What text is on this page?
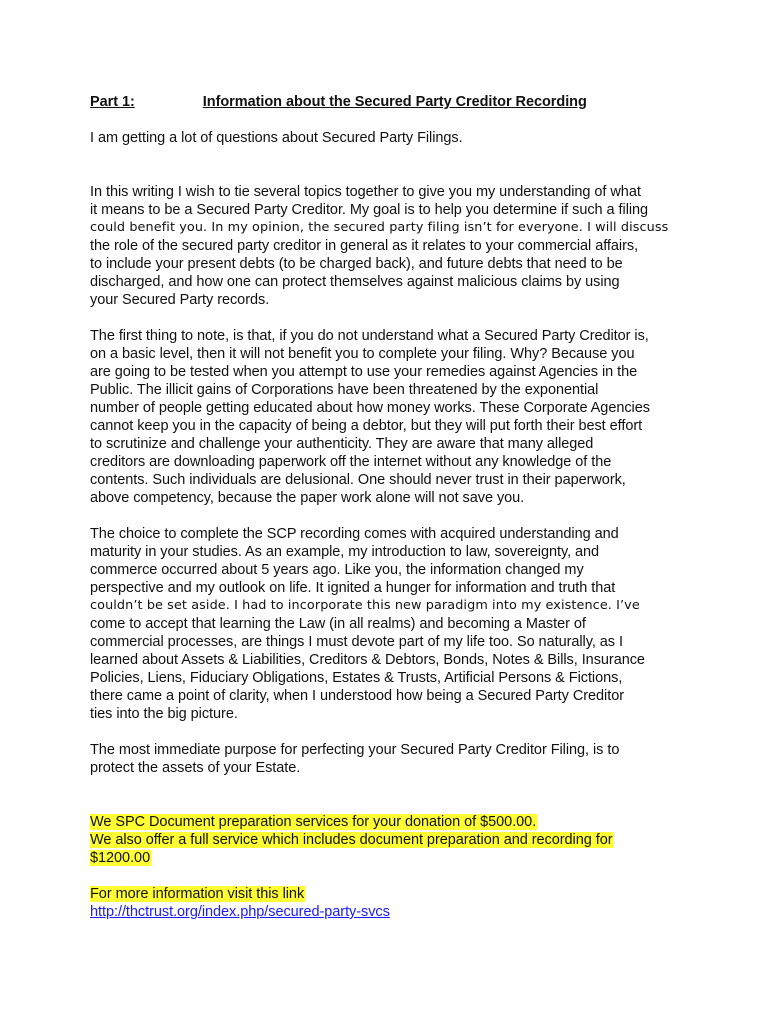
Part 1:	Information about the Secured Party Creditor Recording
I am getting a lot of questions about Secured Party Filings.
In this writing I wish to tie several topics together to give you my understanding of what
it means to be a Secured Party Creditor. My goal is to help you determine if such a filing
could benefit you. In my opinion, the secured party filing isn’t for everyone. I will discuss
the role of the secured party creditor in general as it relates to your commercial affairs,
to include your present debts (to be charged back), and future debts that need to be
discharged, and how one can protect themselves against malicious claims by using
your Secured Party records.
The first thing to note, is that, if you do not understand what a Secured Party Creditor is,
on a basic level, then it will not benefit you to complete your filing. Why? Because you
are going to be tested when you attempt to use your remedies against Agencies in the
Public. The illicit gains of Corporations have been threatened by the exponential
number of people getting educated about how money works. These Corporate Agencies
cannot keep you in the capacity of being a debtor, but they will put forth their best effort
to scrutinize and challenge your authenticity. They are aware that many alleged
creditors are downloading paperwork off the internet without any knowledge of the
contents. Such individuals are delusional. One should never trust in their paperwork,
above competency, because the paper work alone will not save you.
The choice to complete the SCP recording comes with acquired understanding and
maturity in your studies. As an example, my introduction to law, sovereignty, and
commerce occurred about 5 years ago. Like you, the information changed my
perspective and my outlook on life. It ignited a hunger for information and truth that
couldn’t be set aside. I had to incorporate this new paradigm into my existence. I’ve
come to accept that learning the Law (in all realms) and becoming a Master of
commercial processes, are things I must devote part of my life too. So naturally, as I
learned about Assets & Liabilities, Creditors & Debtors, Bonds, Notes & Bills, Insurance
Policies, Liens, Fiduciary Obligations, Estates & Trusts, Artificial Persons & Fictions,
there came a point of clarity, when I understood how being a Secured Party Creditor
ties into the big picture.
The most immediate purpose for perfecting your Secured Party Creditor Filing, is to
protect the assets of your Estate.
We SPC Document preparation services for your donation of $500.00.
We also offer a full service which includes document preparation and recording for
$1200.00
For more information visit this link
http://thctrust.org/index.php/secured-party-svcs
